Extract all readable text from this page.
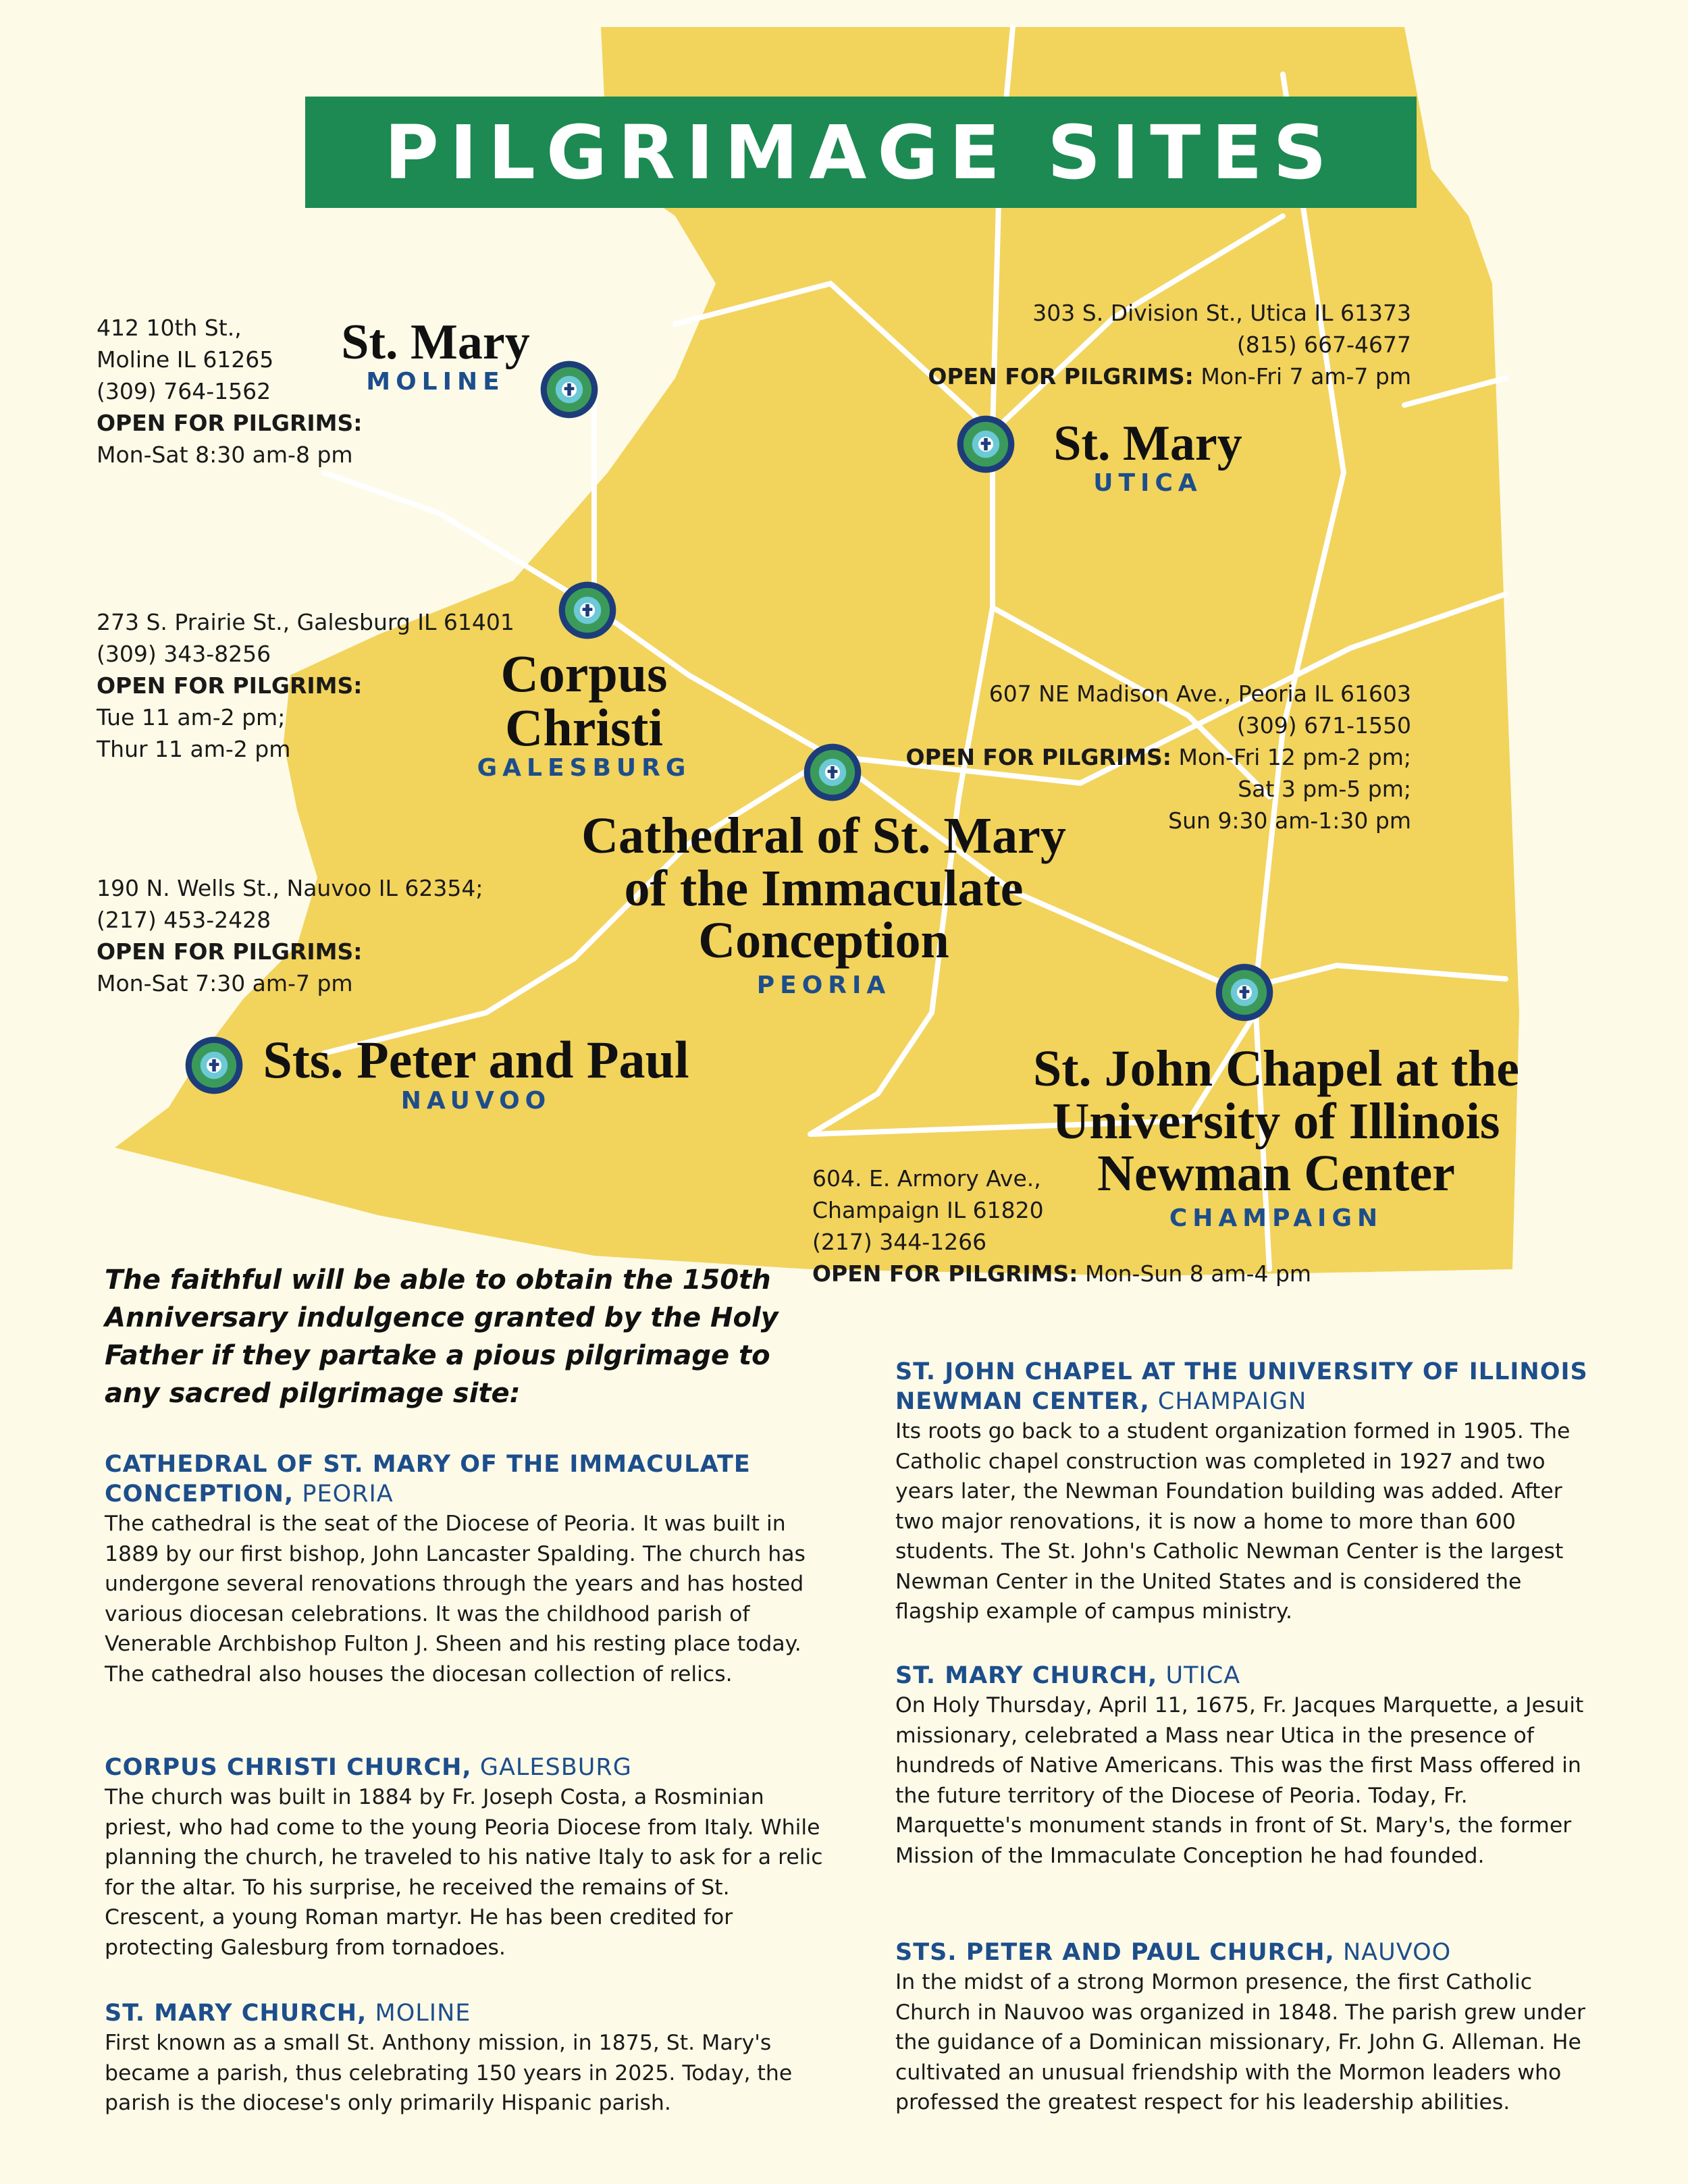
PILGRIMAGE SITES
412 10th St.,
Moline IL 61265
(309) 764-1562
OPEN FOR PILGRIMS:
Mon-Sat 8:30 am-8 pm
St. Mary
MOLINE
303 S. Division St., Utica IL 61373
(815) 667-4677
OPEN FOR PILGRIMS: Mon-Fri 7 am-7 pm
St. Mary
UTICA
273 S. Prairie St., Galesburg IL 61401
(309) 343-8256
OPEN FOR PILGRIMS:
Tue 11 am-2 pm;
Thur 11 am-2 pm
Corpus Christi
GALESBURG
607 NE Madison Ave., Peoria IL 61603
(309) 671-1550
OPEN FOR PILGRIMS: Mon-Fri 12 pm-2 pm;
Sat 3 pm-5 pm;
Sun 9:30 am-1:30 pm
Cathedral of St. Mary
of the Immaculate
Conception
PEORIA
190 N. Wells St., Nauvoo IL 62354;
(217) 453-2428
OPEN FOR PILGRIMS:
Mon-Sat 7:30 am-7 pm
Sts. Peter and Paul
NAUVOO
St. John Chapel at the
University of Illinois
Newman Center
CHAMPAIGN
604. E. Armory Ave.,
Champaign IL 61820
(217) 344-1266
OPEN FOR PILGRIMS: Mon-Sun 8 am-4 pm
The faithful will be able to obtain the 150th Anniversary indulgence granted by the Holy Father if they partake a pious pilgrimage to any sacred pilgrimage site:
CATHEDRAL OF ST. MARY OF THE IMMACULATE CONCEPTION, PEORIA
The cathedral is the seat of the Diocese of Peoria. It was built in 1889 by our first bishop, John Lancaster Spalding. The church has undergone several renovations through the years and has hosted various diocesan celebrations. It was the childhood parish of Venerable Archbishop Fulton J. Sheen and his resting place today. The cathedral also houses the diocesan collection of relics.
CORPUS CHRISTI CHURCH, GALESBURG
The church was built in 1884 by Fr. Joseph Costa, a Rosminian priest, who had come to the young Peoria Diocese from Italy. While planning the church, he traveled to his native Italy to ask for a relic for the altar. To his surprise, he received the remains of St. Crescent, a young Roman martyr. He has been credited for protecting Galesburg from tornadoes.
ST. MARY CHURCH, MOLINE
First known as a small St. Anthony mission, in 1875, St. Mary's became a parish, thus celebrating 150 years in 2025. Today, the parish is the diocese's only primarily Hispanic parish.
ST. JOHN CHAPEL AT THE UNIVERSITY OF ILLINOIS NEWMAN CENTER, CHAMPAIGN
Its roots go back to a student organization formed in 1905. The Catholic chapel construction was completed in 1927 and two years later, the Newman Foundation building was added. After two major renovations, it is now a home to more than 600 students. The St. John's Catholic Newman Center is the largest Newman Center in the United States and is considered the flagship example of campus ministry.
ST. MARY CHURCH, UTICA
On Holy Thursday, April 11, 1675, Fr. Jacques Marquette, a Jesuit missionary, celebrated a Mass near Utica in the presence of hundreds of Native Americans. This was the first Mass offered in the future territory of the Diocese of Peoria. Today, Fr. Marquette's monument stands in front of St. Mary's, the former Mission of the Immaculate Conception he had founded.
STS. PETER AND PAUL CHURCH, NAUVOO
In the midst of a strong Mormon presence, the first Catholic Church in Nauvoo was organized in 1848. The parish grew under the guidance of a Dominican missionary, Fr. John G. Alleman. He cultivated an unusual friendship with the Mormon leaders who professed the greatest respect for his leadership abilities.
